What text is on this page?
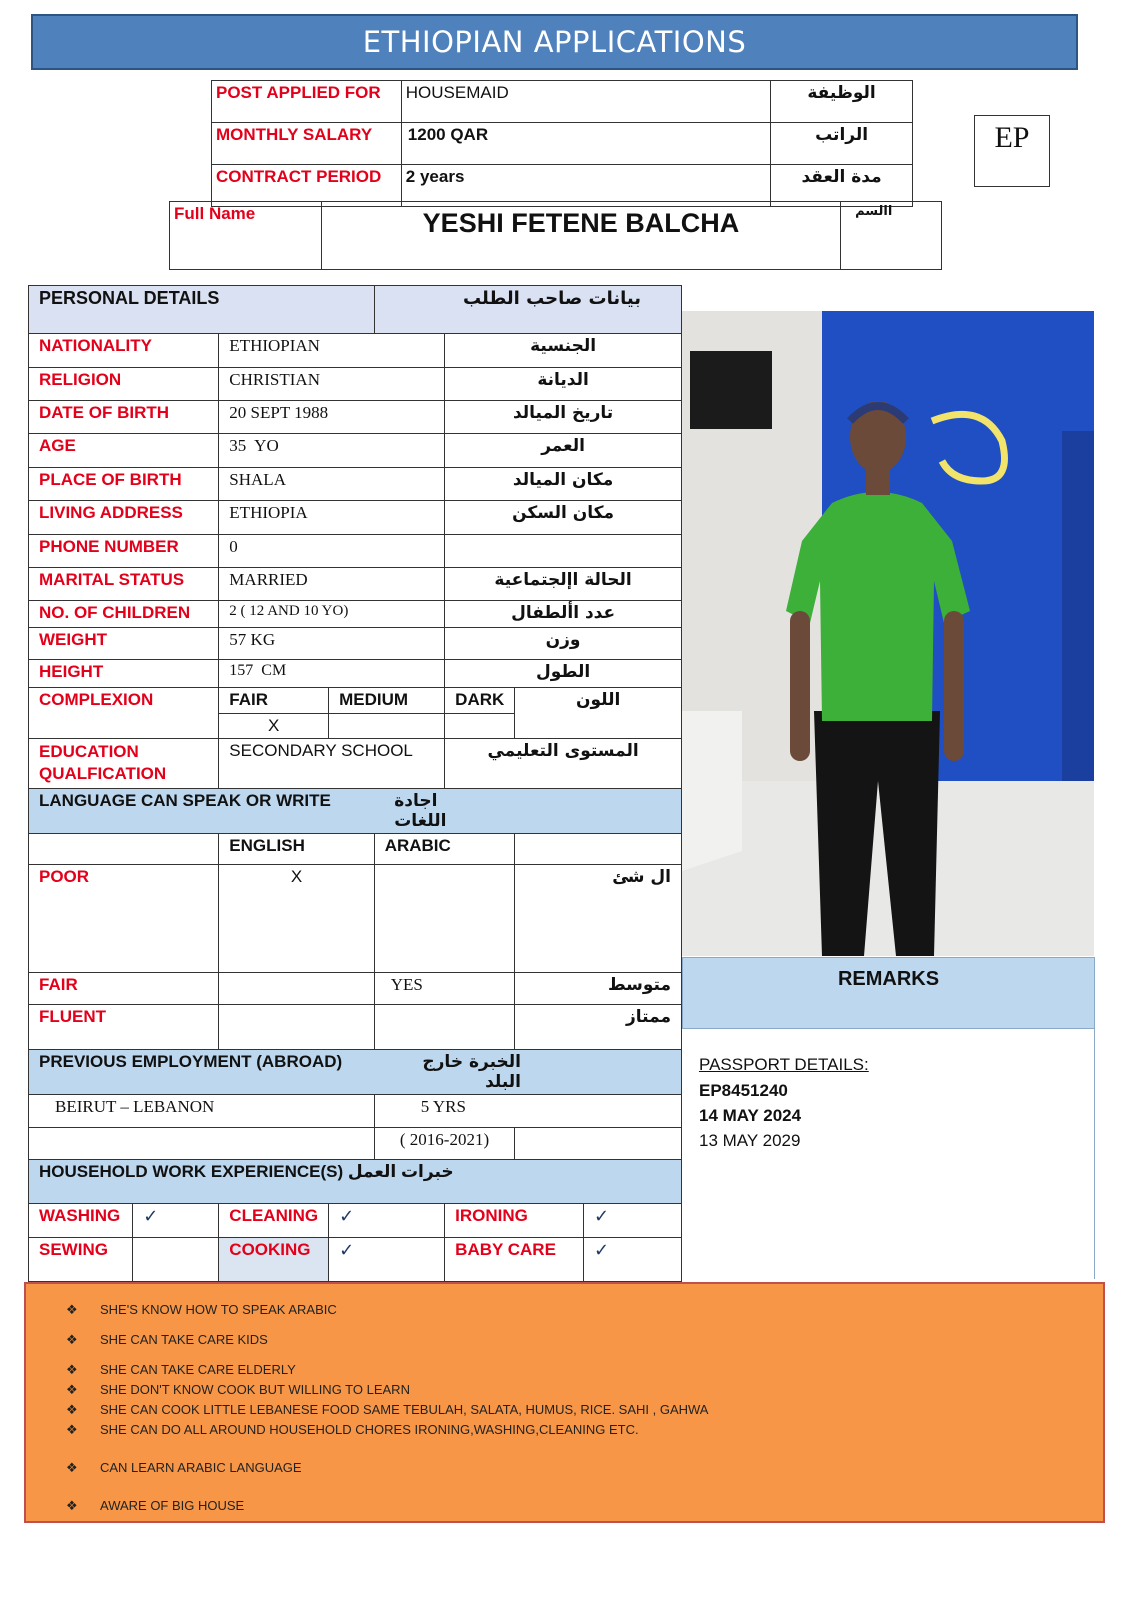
ETHIOPIAN APPLICATIONS
POST APPLIED FOR	HOUSEMAID	الوظيفة
MONTHLY SALARY	1200 QAR	الراتب
CONTRACT PERIOD	2 years	مدة العقد
EP
Full Name	YESHI FETENE BALCHA	االسم
PERSONAL DETAILS				بيانات صاحب الطلب			
NATIONALITY		ETHIOPIAN			الجنسية		
RELIGION		CHRISTIAN			الديانة		
DATE OF BIRTH		20 SEPT 1988			تاريخ الميالد		
AGE		35  YO			العمر		
PLACE OF BIRTH		SHALA			مكان الميالد		
LIVING ADDRESS		ETHIOPIA			مكان السكن		
PHONE NUMBER		0					
MARITAL STATUS		MARRIED			الحالة اإلجتماعية		
NO. OF CHILDREN		2 ( 12 AND 10 YO)			عدد األطفال		
WEIGHT		57 KG			وزن		
HEIGHT		157  CM			الطول		
COMPLEXION		FAIR	MEDIUM		DARK	اللون	
		X					

EDUCATION
QUALFICATION		SECONDARY SCHOOL			المستوى التعليمي		
LANGUAGE CAN SPEAK OR WRITE				اجادة اللغات			
		ENGLISH		ARABIC			
POOR		X				ال شئ	
FAIR				YES		متوسط	
FLUENT						ممتاز	
PREVIOUS EMPLOYMENT (ABROAD)				الخبرة خارج البلد			
BEIRUT – LEBANON				5 YRS			
				( 2016-2021)			
HOUSEHOLD WORK EXPERIENCE(S) خبرات العمل							
WASHING	✓	CLEANING	✓		IRONING		✓
SEWING		COOKING	✓		BABY CARE		✓
REMARKS
PASSPORT DETAILS:
EP8451240
14 MAY 2024
13 MAY 2029
❖ SHE'S KNOW HOW TO SPEAK ARABIC
❖ SHE CAN TAKE CARE KIDS
❖ SHE CAN TAKE CARE ELDERLY
❖ SHE DON'T KNOW COOK BUT WILLING TO LEARN
❖ SHE CAN COOK LITTLE LEBANESE FOOD SAME TEBULAH, SALATA, HUMUS, RICE. SAHI , GAHWA
❖ SHE CAN DO ALL AROUND HOUSEHOLD CHORES IRONING,WASHING,CLEANING ETC.
❖ CAN LEARN ARABIC LANGUAGE
❖ AWARE OF BIG HOUSE
